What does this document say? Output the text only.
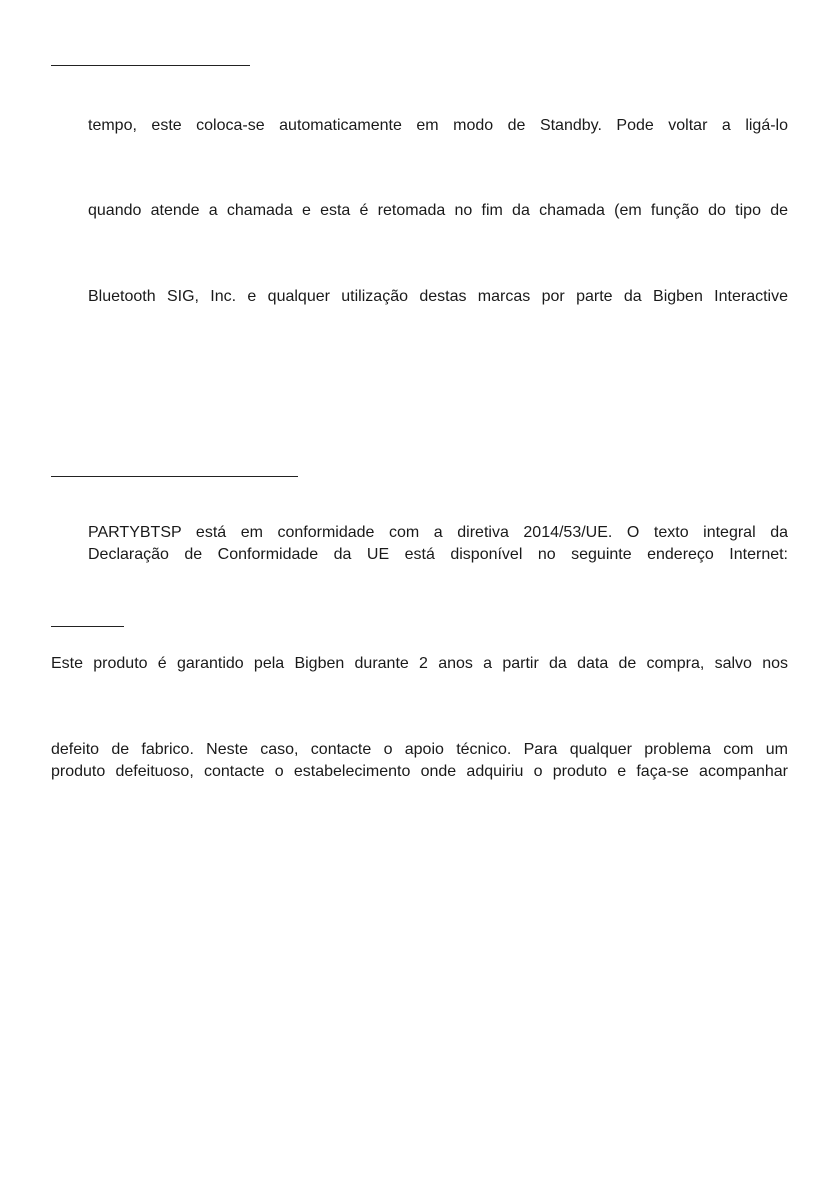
tempo, este coloca-se automaticamente em modo de Standby. Pode voltar a ligá-lo
quando atende a chamada e esta é retomada no fim da chamada (em função do tipo de
Bluetooth SIG, Inc. e qualquer utilização destas marcas por parte da Bigben Interactive
PARTYBTSP está em conformidade com a diretiva 2014/53/UE. O texto integral da
Declaração de Conformidade da UE está disponível no seguinte endereço Internet:
Este produto é garantido pela Bigben durante 2 anos a partir da data de compra, salvo nos
defeito de fabrico. Neste caso, contacte o apoio técnico. Para qualquer problema com um
produto defeituoso, contacte o estabelecimento onde adquiriu o produto e faça-se acompanhar
